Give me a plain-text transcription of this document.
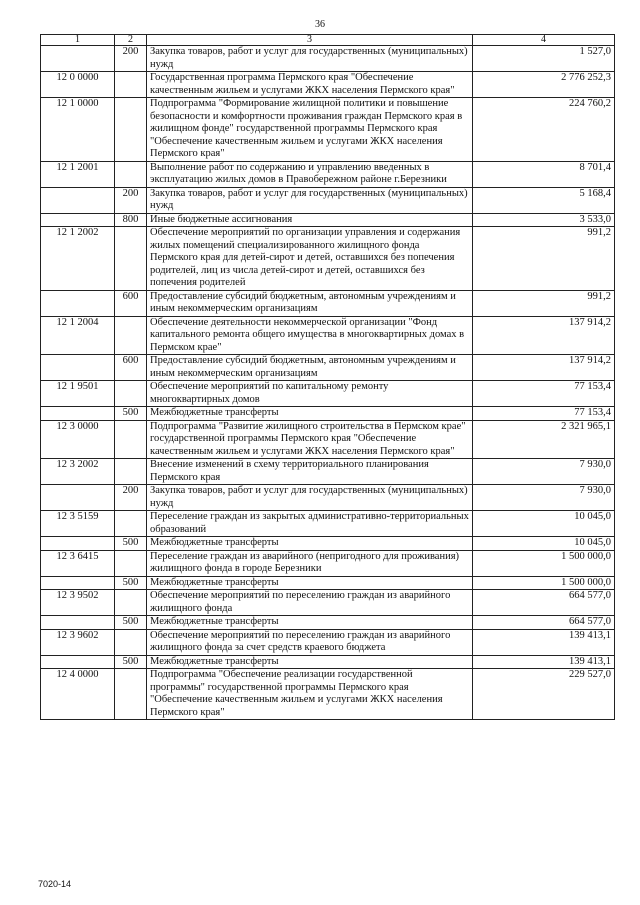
36
1	2	3	4
	200	Закупка товаров, работ и услуг для государственных (муниципальных) нужд	1 527,0
12 0 0000		Государственная программа Пермского края "Обеспечение качественным жильем и услугами ЖКХ населения Пермского края"	2 776 252,3
12 1 0000		Подпрограмма "Формирование жилищной политики и повышение безопасности и комфортности проживания граждан Пермского края в жилищном фонде" государственной программы Пермского края "Обеспечение качественным жильем и услугами ЖКХ населения Пермского края"	224 760,2
12 1 2001		Выполнение работ по содержанию и управлению введенных в эксплуатацию жилых домов в Правобережном районе г.Березники	8 701,4
	200	Закупка товаров, работ и услуг для государственных (муниципальных) нужд	5 168,4
	800	Иные бюджетные ассигнования	3 533,0
12 1 2002		Обеспечение мероприятий по организации управления и содержания жилых помещений специализированного жилищного фонда Пермского края для детей-сирот и детей, оставшихся без попечения родителей, лиц из числа детей-сирот и детей, оставшихся без попечения родителей	991,2
	600	Предоставление субсидий бюджетным, автономным учреждениям и иным некоммерческим организациям	991,2
12 1 2004		Обеспечение деятельности некоммерческой организации "Фонд капитального ремонта общего имущества в многоквартирных домах в Пермском крае"	137 914,2
	600	Предоставление субсидий бюджетным, автономным учреждениям и иным некоммерческим организациям	137 914,2
12 1 9501		Обеспечение мероприятий по капитальному ремонту многоквартирных домов	77 153,4
	500	Межбюджетные трансферты	77 153,4
12 3 0000		Подпрограмма "Развитие жилищного строительства в Пермском крае" государственной программы Пермского края "Обеспечение качественным жильем и услугами ЖКХ населения Пермского края"	2 321 965,1
12 3 2002		Внесение изменений в схему территориального планирования Пермского края	7 930,0
	200	Закупка товаров, работ и услуг для государственных (муниципальных) нужд	7 930,0
12 3 5159		Переселение граждан из закрытых административно-территориальных образований	10 045,0
	500	Межбюджетные трансферты	10 045,0
12 3 6415		Переселение граждан из аварийного (непригодного для проживания) жилищного фонда в городе Березники	1 500 000,0
	500	Межбюджетные трансферты	1 500 000,0
12 3 9502		Обеспечение мероприятий по переселению граждан из аварийного жилищного фонда	664 577,0
	500	Межбюджетные трансферты	664 577,0
12 3 9602		Обеспечение мероприятий по переселению граждан из аварийного жилищного фонда за счет средств краевого бюджета	139 413,1
	500	Межбюджетные трансферты	139 413,1
12 4 0000		Подпрограмма "Обеспечение реализации государственной программы" государственной программы Пермского края "Обеспечение качественным жильем и услугами ЖКХ населения Пермского края"	229 527,0
7020-14
